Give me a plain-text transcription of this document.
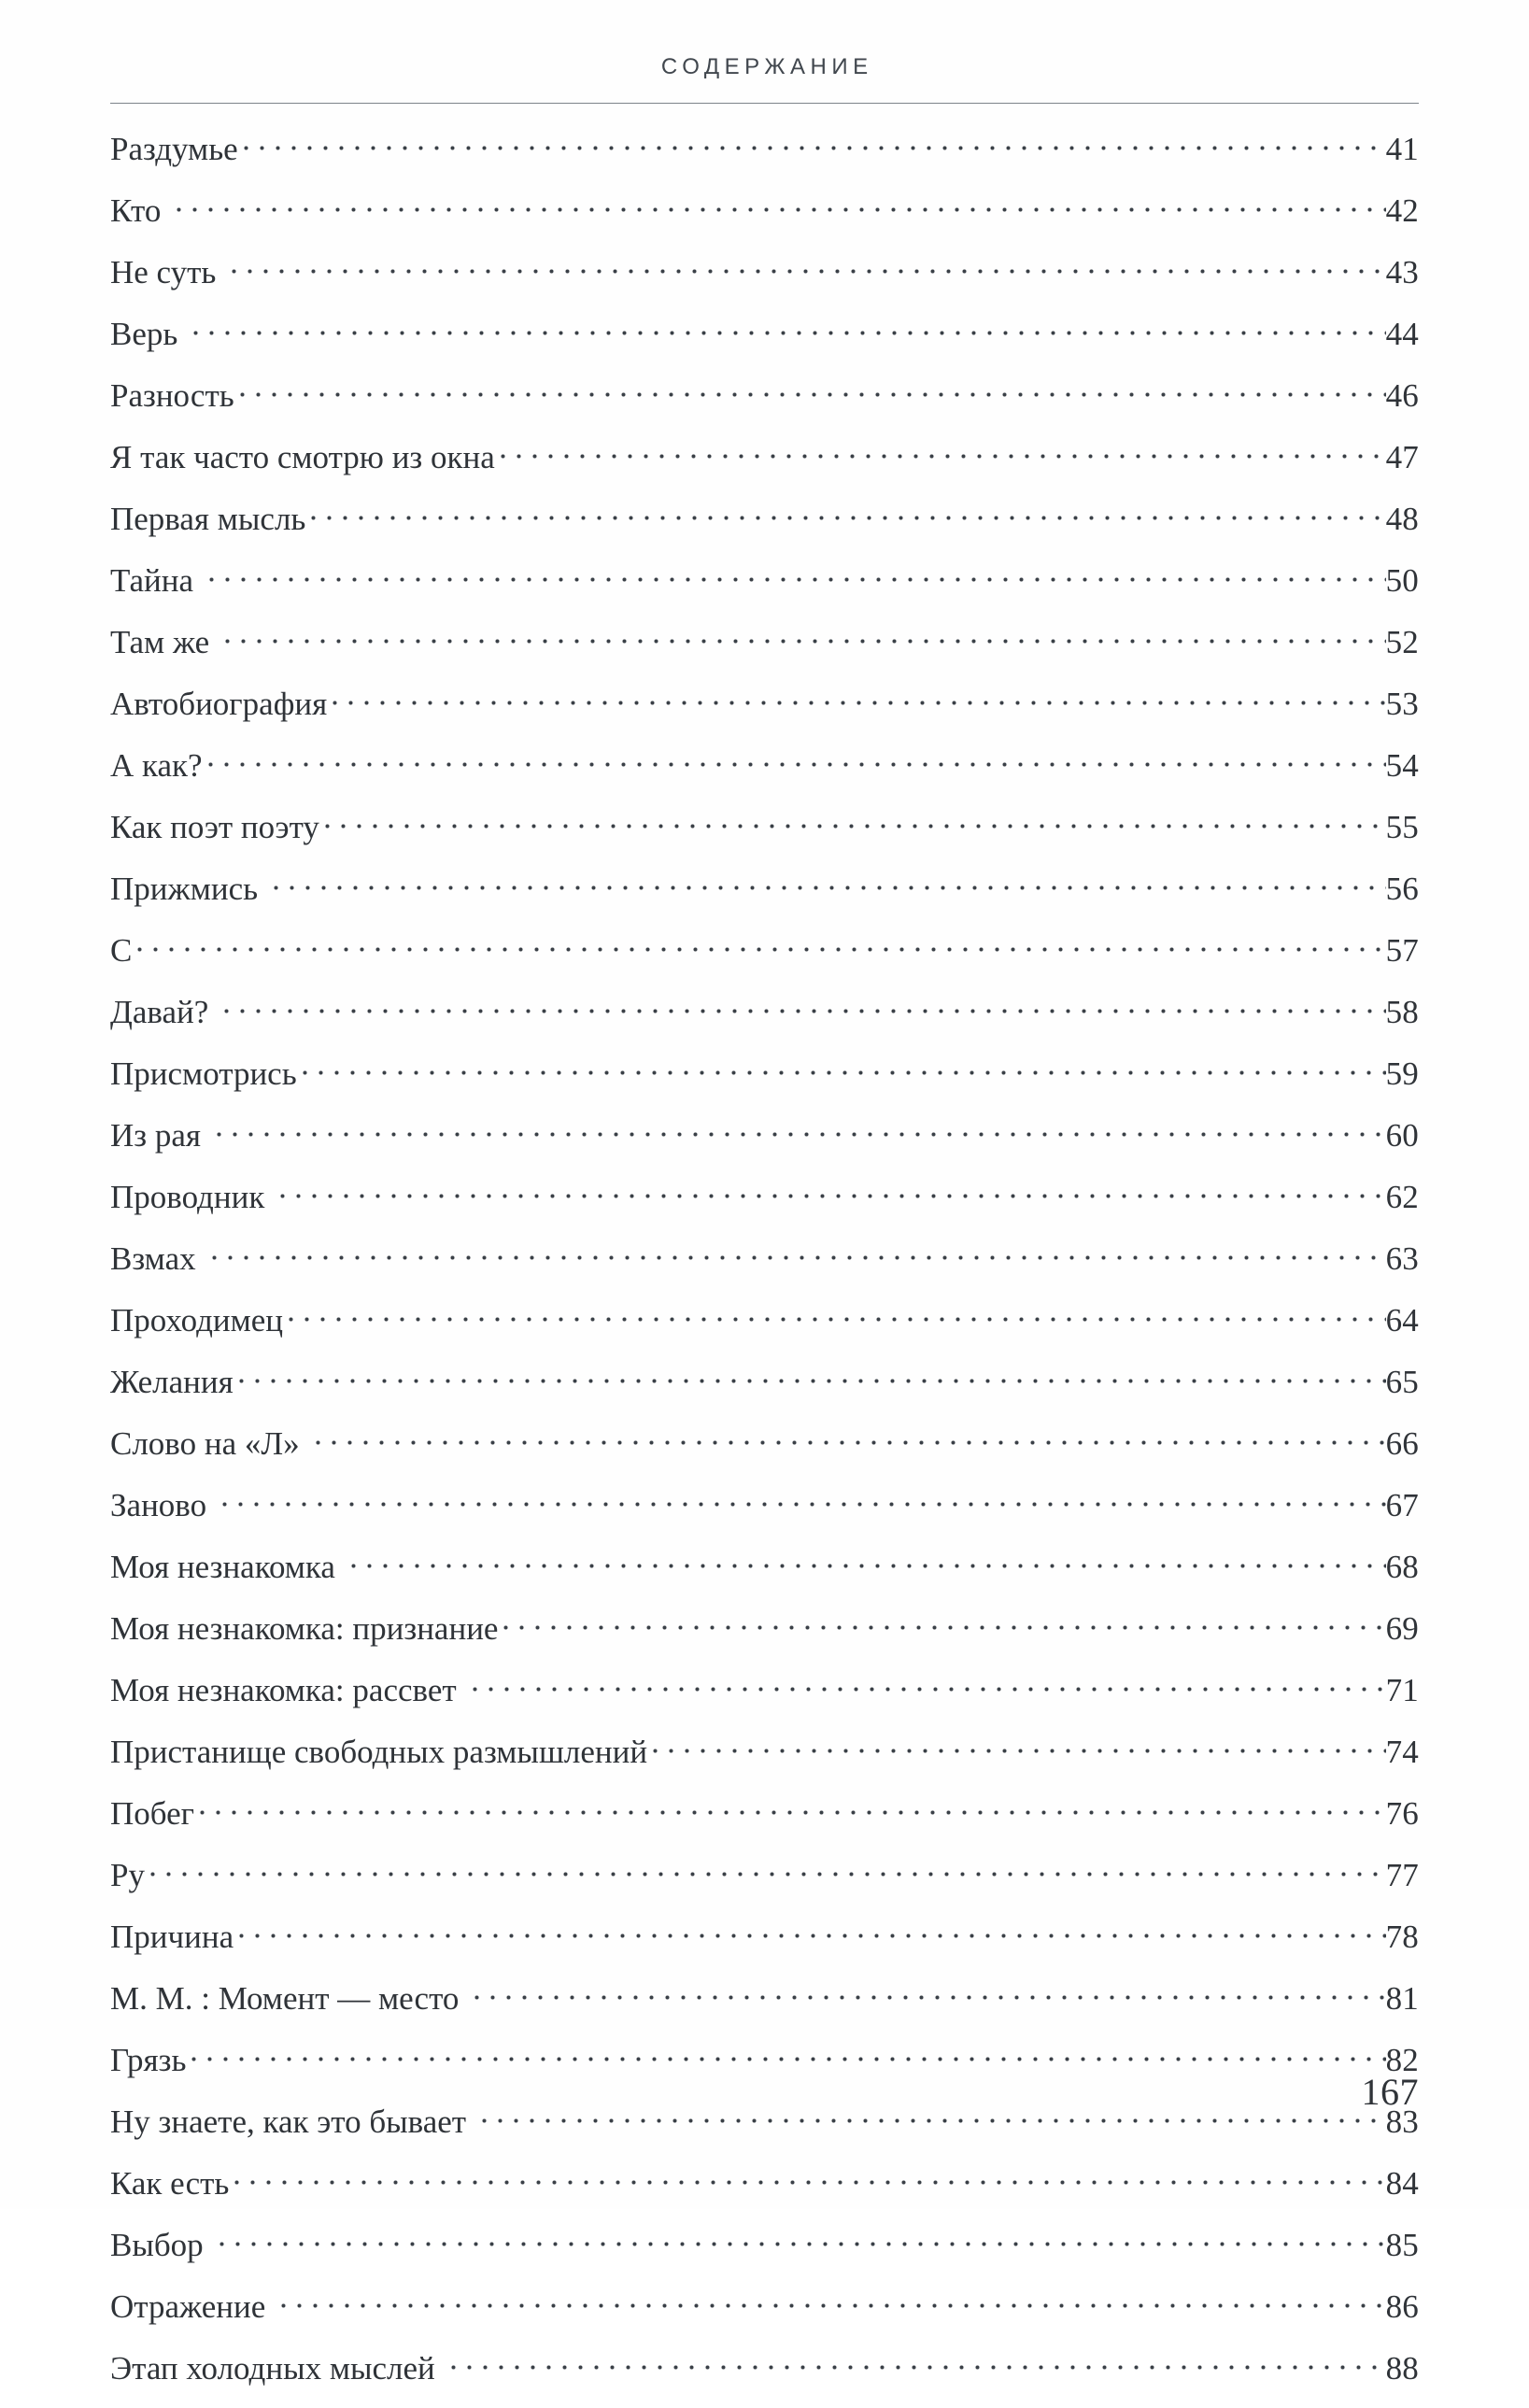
СОДЕРЖАНИЕ
Раздумье	41
Кто	42
Не суть	43
Верь	44
Разность	46
Я так часто смотрю из окна	47
Первая мысль	48
Тайна	50
Там же	52
Автобиография	53
А как?	54
Как поэт поэту	55
Прижмись	56
С	57
Давай?	58
Присмотрись	59
Из рая	60
Проводник	62
Взмах	63
Проходимец	64
Желания	65
Слово на «Л»	66
Заново	67
Моя незнакомка	68
Моя незнакомка: признание	69
Моя незнакомка: рассвет	71
Пристанище свободных размышлений	74
Побег	76
Ру	77
Причина	78
М. М. : Момент — место	81
Грязь	82
Ну знаете, как это бывает	83
Как есть	84
Выбор	85
Отражение	86
Этап холодных мыслей	88
167
